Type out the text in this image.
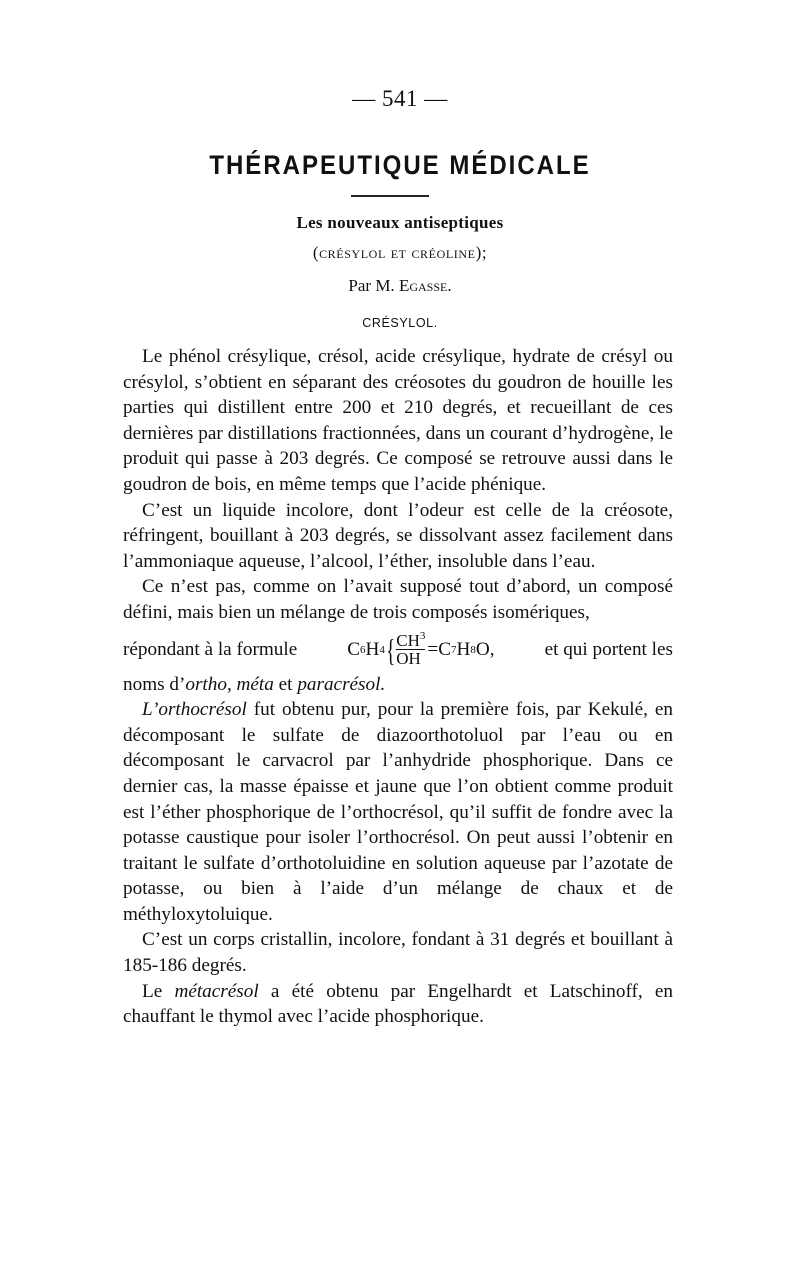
— 541 —
THÉRAPEUTIQUE MÉDICALE
Les nouveaux antiseptiques
(crésylol et créoline);
Par M. Egasse.
CRÉSYLOL.

Le phénol crésylique, crésol, acide crésylique, hydrate de crésyl ou crésylol, s’obtient en séparant des créosotes du goudron de houille les parties qui distillent entre 200 et 210 degrés, et recueillant de ces dernières par distillations fractionnées, dans un courant d’hydrogène, le produit qui passe à 203 degrés. Ce composé se retrouve aussi dans le goudron de bois, en même temps que l’acide phénique.

C’est un liquide incolore, dont l’odeur est celle de la créosote, réfringent, bouillant à 203 degrés, se dissolvant assez facilement dans l’ammoniaque aqueuse, l’alcool, l’éther, insoluble dans l’eau.

Ce n’est pas, comme on l’avait supposé tout d’abord, un composé défini, mais bien un mélange de trois composés isomériques,

répondant à la formule	C 6 H 4 { $\frac{CH^3}{OH} = C$ 7 H 8 O,	et qui portent les

noms d’ortho, méta et paracrésol.

L’orthocrésol fut obtenu pur, pour la première fois, par Kekulé, en décomposant le sulfate de diazoorthotoluol par l’eau ou en décomposant le carvacrol par l’anhydride phosphorique. Dans ce dernier cas, la masse épaisse et jaune que l’on obtient comme produit est l’éther phosphorique de l’orthocrésol, qu’il suffit de fondre avec la potasse caustique pour isoler l’orthocrésol. On peut aussi l’obtenir en traitant le sulfate d’orthotoluidine en solution aqueuse par l’azotate de potasse, ou bien à l’aide d’un mélange de chaux et de méthyloxytoluique.

C’est un corps cristallin, incolore, fondant à 31 degrés et bouillant à 185-186 degrés.

Le métacrésol a été obtenu par Engelhardt et Latschinoff, en chauffant le thymol avec l’acide phosphorique.
